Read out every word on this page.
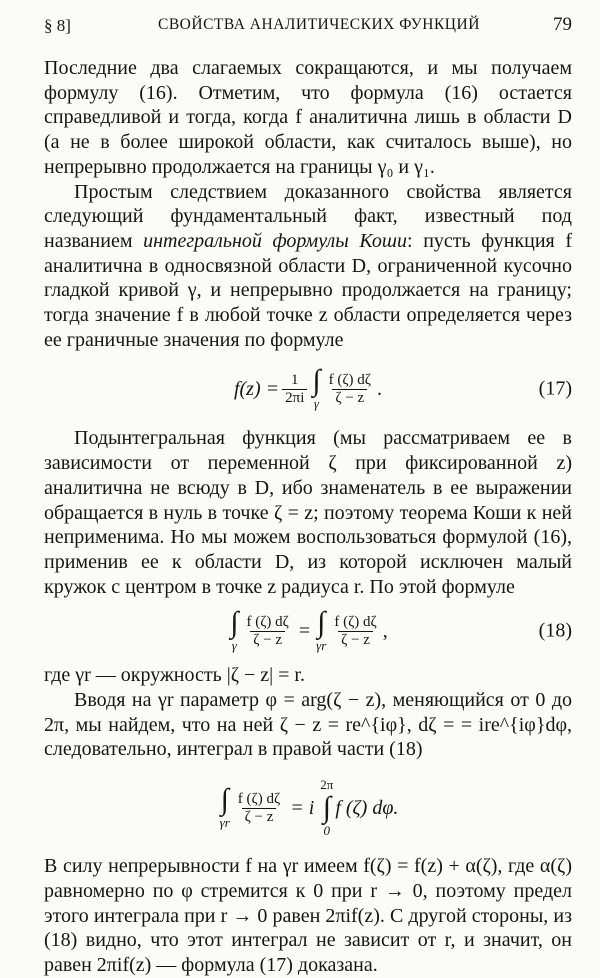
§ 8]	СВОЙСТВА АНАЛИТИЧЕСКИХ ФУНКЦИЙ	79

Последние два слагаемых сокращаются, и мы получаем формулу (16). Отметим, что формула (16) остается справедливой и тогда, когда f аналитична лишь в области D (а не в более широкой области, как считалось выше), но непрерывно продолжается на границы γ₀ и γ₁.

Простым следствием доказанного свойства является следующий фундаментальный факт, известный под названием интегральной формулы Коши: пусть функция f аналитична в односвязной области D, ограниченной кусочно гладкой кривой γ, и непрерывно продолжается на границу; тогда значение f в любой точке z области определяется через ее граничные значения по формуле

$f(z) = \frac{1}{2\pi i}$ ∫
γ $\frac{f (\zeta) d\zeta}{\zeta - z}$ .	(17)

Подынтегральная функция (мы рассматриваем ее в зависимости от переменной ζ при фиксированной z) аналитична не всюду в D, ибо знаменатель в ее выражении обращается в нуль в точке ζ = z; поэтому теорема Коши к ней неприменима. Но мы можем воспользоваться формулой (16), применив ее к области D, из которой исключен малый кружок с центром в точке z радиуса r. По этой формуле

∫
γ $\frac{f (\zeta) d\zeta}{\zeta - z}$ = ∫
γr $\frac{f (\zeta) d\zeta}{\zeta - z}$ ,	(18)

где γr — окружность |ζ − z| = r.

Вводя на γr параметр φ = arg(ζ − z), меняющийся от 0 до 2π, мы найдем, что на ней ζ − z = re^{iφ}, dζ = = ire^{iφ}dφ, следовательно, интеграл в правой части (18)

∫
γr $\frac{f (\zeta) d\zeta}{\zeta - z} = i$
2π
∫
0
f (ζ) dφ.

В силу непрерывности f на γr имеем f(ζ) = f(z) + α(ζ), где α(ζ) равномерно по φ стремится к 0 при r → 0, поэтому предел этого интеграла при r → 0 равен 2πif(z). С другой стороны, из (18) видно, что этот интеграл не зависит от r, и значит, он равен 2πif(z) — формула (17) доказана.
